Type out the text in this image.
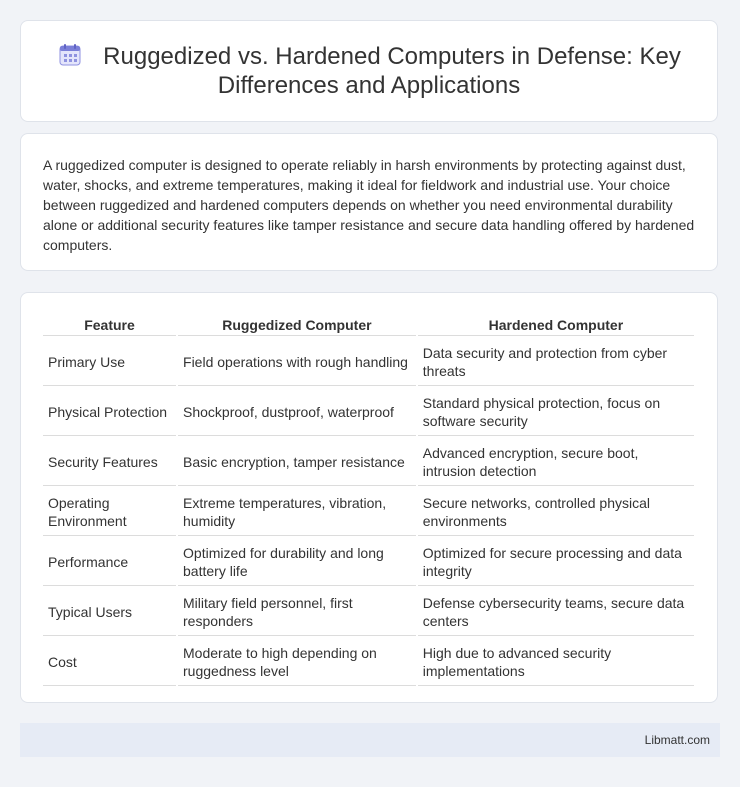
Ruggedized vs. Hardened Computers in Defense: Key Differences and Applications
A ruggedized computer is designed to operate reliably in harsh environments by protecting against dust, water, shocks, and extreme temperatures, making it ideal for fieldwork and industrial use. Your choice between ruggedized and hardened computers depends on whether you need environmental durability alone or additional security features like tamper resistance and secure data handling offered by hardened computers.
Feature	Ruggedized Computer	Hardened Computer
Primary Use	Field operations with rough handling	Data security and protection from cyber threats
Physical Protection	Shockproof, dustproof, waterproof	Standard physical protection, focus on software security
Security Features	Basic encryption, tamper resistance	Advanced encryption, secure boot, intrusion detection
Operating Environment	Extreme temperatures, vibration, humidity	Secure networks, controlled physical environments
Performance	Optimized for durability and long battery life	Optimized for secure processing and data integrity
Typical Users	Military field personnel, first responders	Defense cybersecurity teams, secure data centers
Cost	Moderate to high depending on ruggedness level	High due to advanced security implementations
Libmatt.com
